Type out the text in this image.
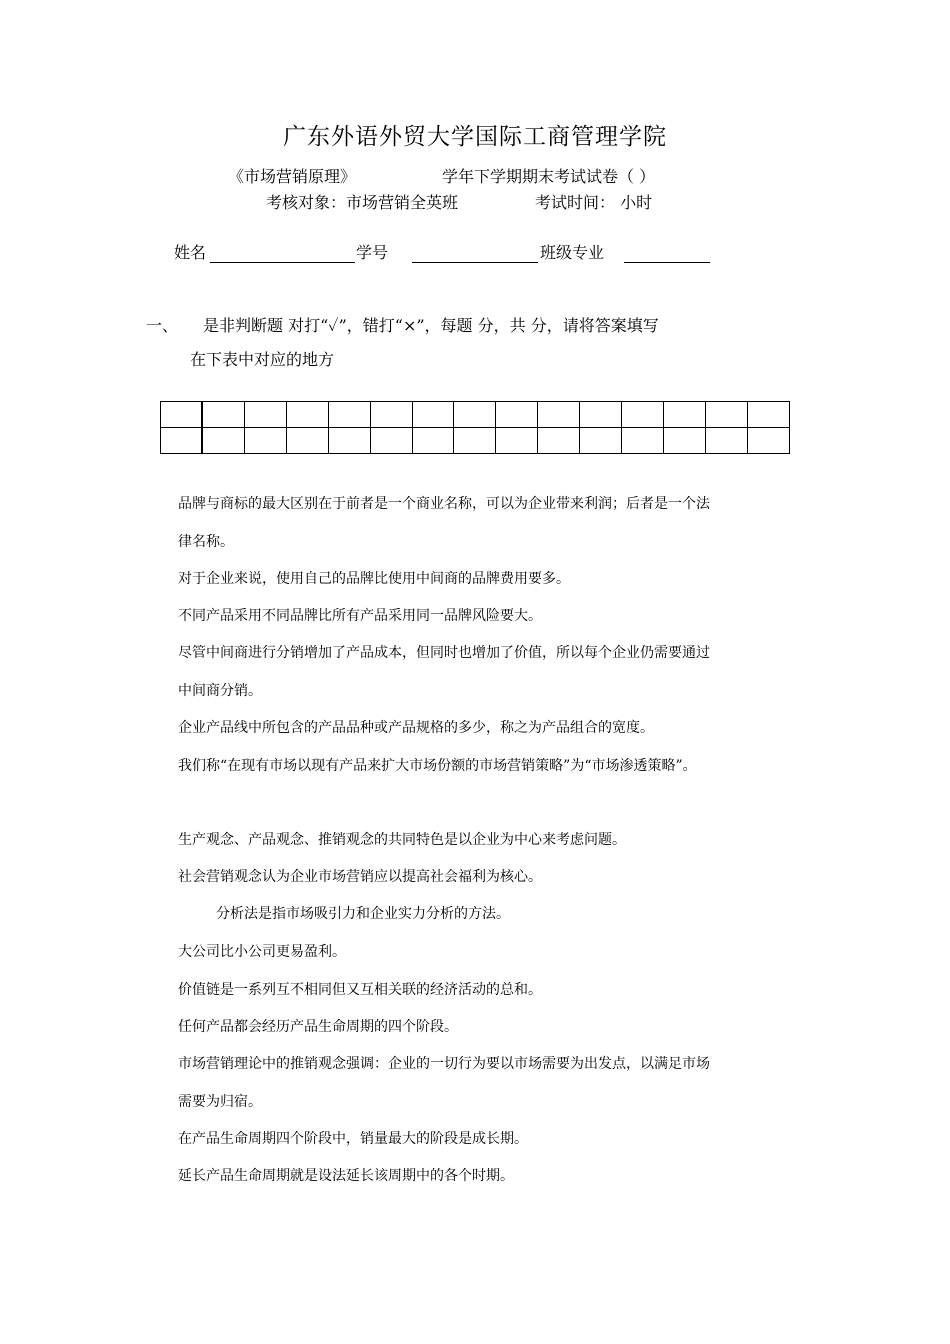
广东外语外贸大学国际工商管理学院
《市场营销原理》	学年下学期期末考试试卷（ ）
考核对象：市场营销全英班	考试时间： 小时
姓名	学号	班级专业
一、 是非判断题 对打“✓”，错打“×”，每题 分，共 分，请将答案填写
在下表中对应的地方

品牌与商标的最大区别在于前者是一个商业名称，可以为企业带来利润；后者是一个法
律名称。
对于企业来说，使用自己的品牌比使用中间商的品牌费用要多。
不同产品采用不同品牌比所有产品采用同一品牌风险要大。
尽管中间商进行分销增加了产品成本，但同时也增加了价值，所以每个企业仍需要通过
中间商分销。
企业产品线中所包含的产品品种或产品规格的多少，称之为产品组合的宽度。
我们称“在现有市场以现有产品来扩大市场份额的市场营销策略”为“市场渗透策略”。
生产观念、产品观念、推销观念的共同特色是以企业为中心来考虑问题。
社会营销观念认为企业市场营销应以提高社会福利为核心。
分析法是指市场吸引力和企业实力分析的方法。
大公司比小公司更易盈利。
价值链是一系列互不相同但又互相关联的经济活动的总和。
任何产品都会经历产品生命周期的四个阶段。
市场营销理论中的推销观念强调：企业的一切行为要以市场需要为出发点，以满足市场
需要为归宿。
在产品生命周期四个阶段中，销量最大的阶段是成长期。
延长产品生命周期就是设法延长该周期中的各个时期。
